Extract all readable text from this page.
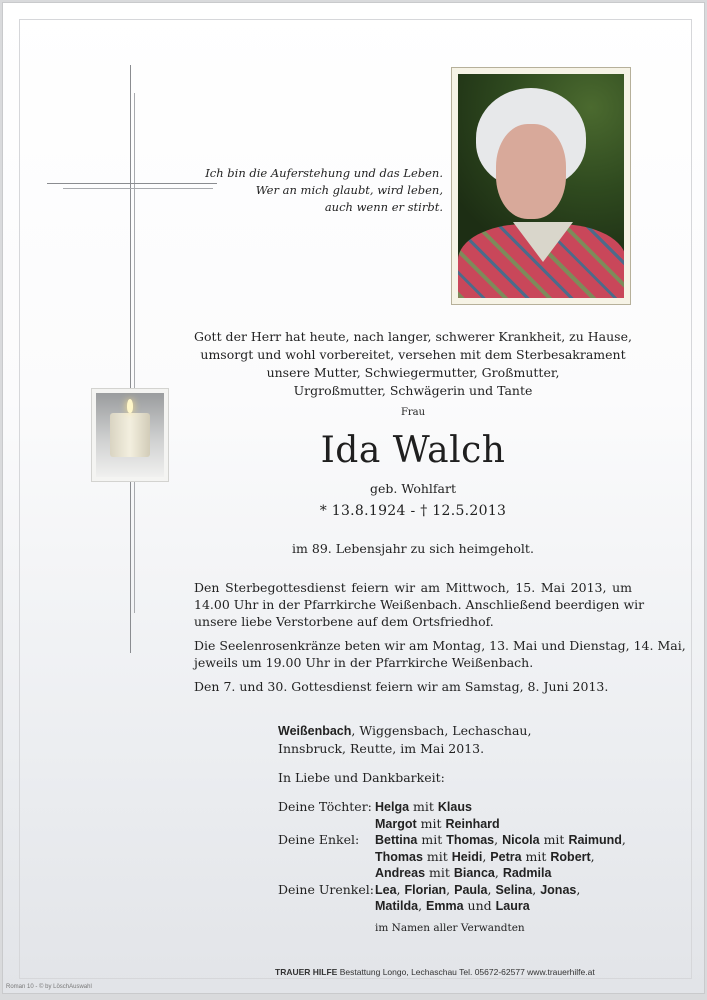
Ich bin die Auferstehung und das Leben.
Wer an mich glaubt, wird leben,
auch wenn er stirbt.
Gott der Herr hat heute, nach langer, schwerer Krankheit, zu Hause,
umsorgt und wohl vorbereitet, versehen mit dem Sterbesakrament
unsere Mutter, Schwiegermutter, Großmutter,
Urgroßmutter, Schwägerin und Tante
Frau
Ida Walch
geb. Wohlfart
* 13.8.1924 - † 12.5.2013
im 89. Lebensjahr zu sich heimgeholt.
Den Sterbegottesdienst feiern wir am Mittwoch, 15. Mai 2013, um
14.00 Uhr in der Pfarrkirche Weißenbach. Anschließend beerdigen wir
unsere liebe Verstorbene auf dem Ortsfriedhof.
Die Seelenrosenkränze beten wir am Montag, 13. Mai und Dienstag, 14. Mai,
jeweils um 19.00 Uhr in der Pfarrkirche Weißenbach.
Den 7. und 30. Gottesdienst feiern wir am Samstag, 8. Juni 2013.
Weißenbach, Wiggensbach, Lechaschau,
Innsbruck, Reutte, im Mai 2013.
In Liebe und Dankbarkeit:
Deine Töchter: Helga mit Klaus
Margot mit Reinhard
Deine Enkel: Bettina mit Thomas, Nicola mit Raimund,
Thomas mit Heidi, Petra mit Robert,
Andreas mit Bianca, Radmila
Deine Urenkel: Lea, Florian, Paula, Selina, Jonas,
Matilda, Emma und Laura
im Namen aller Verwandten
TRAUER HILFE Bestattung Longo, Lechaschau Tel. 05672-62577 www.trauerhilfe.at
Roman 10 - © by LöschAuswahl
